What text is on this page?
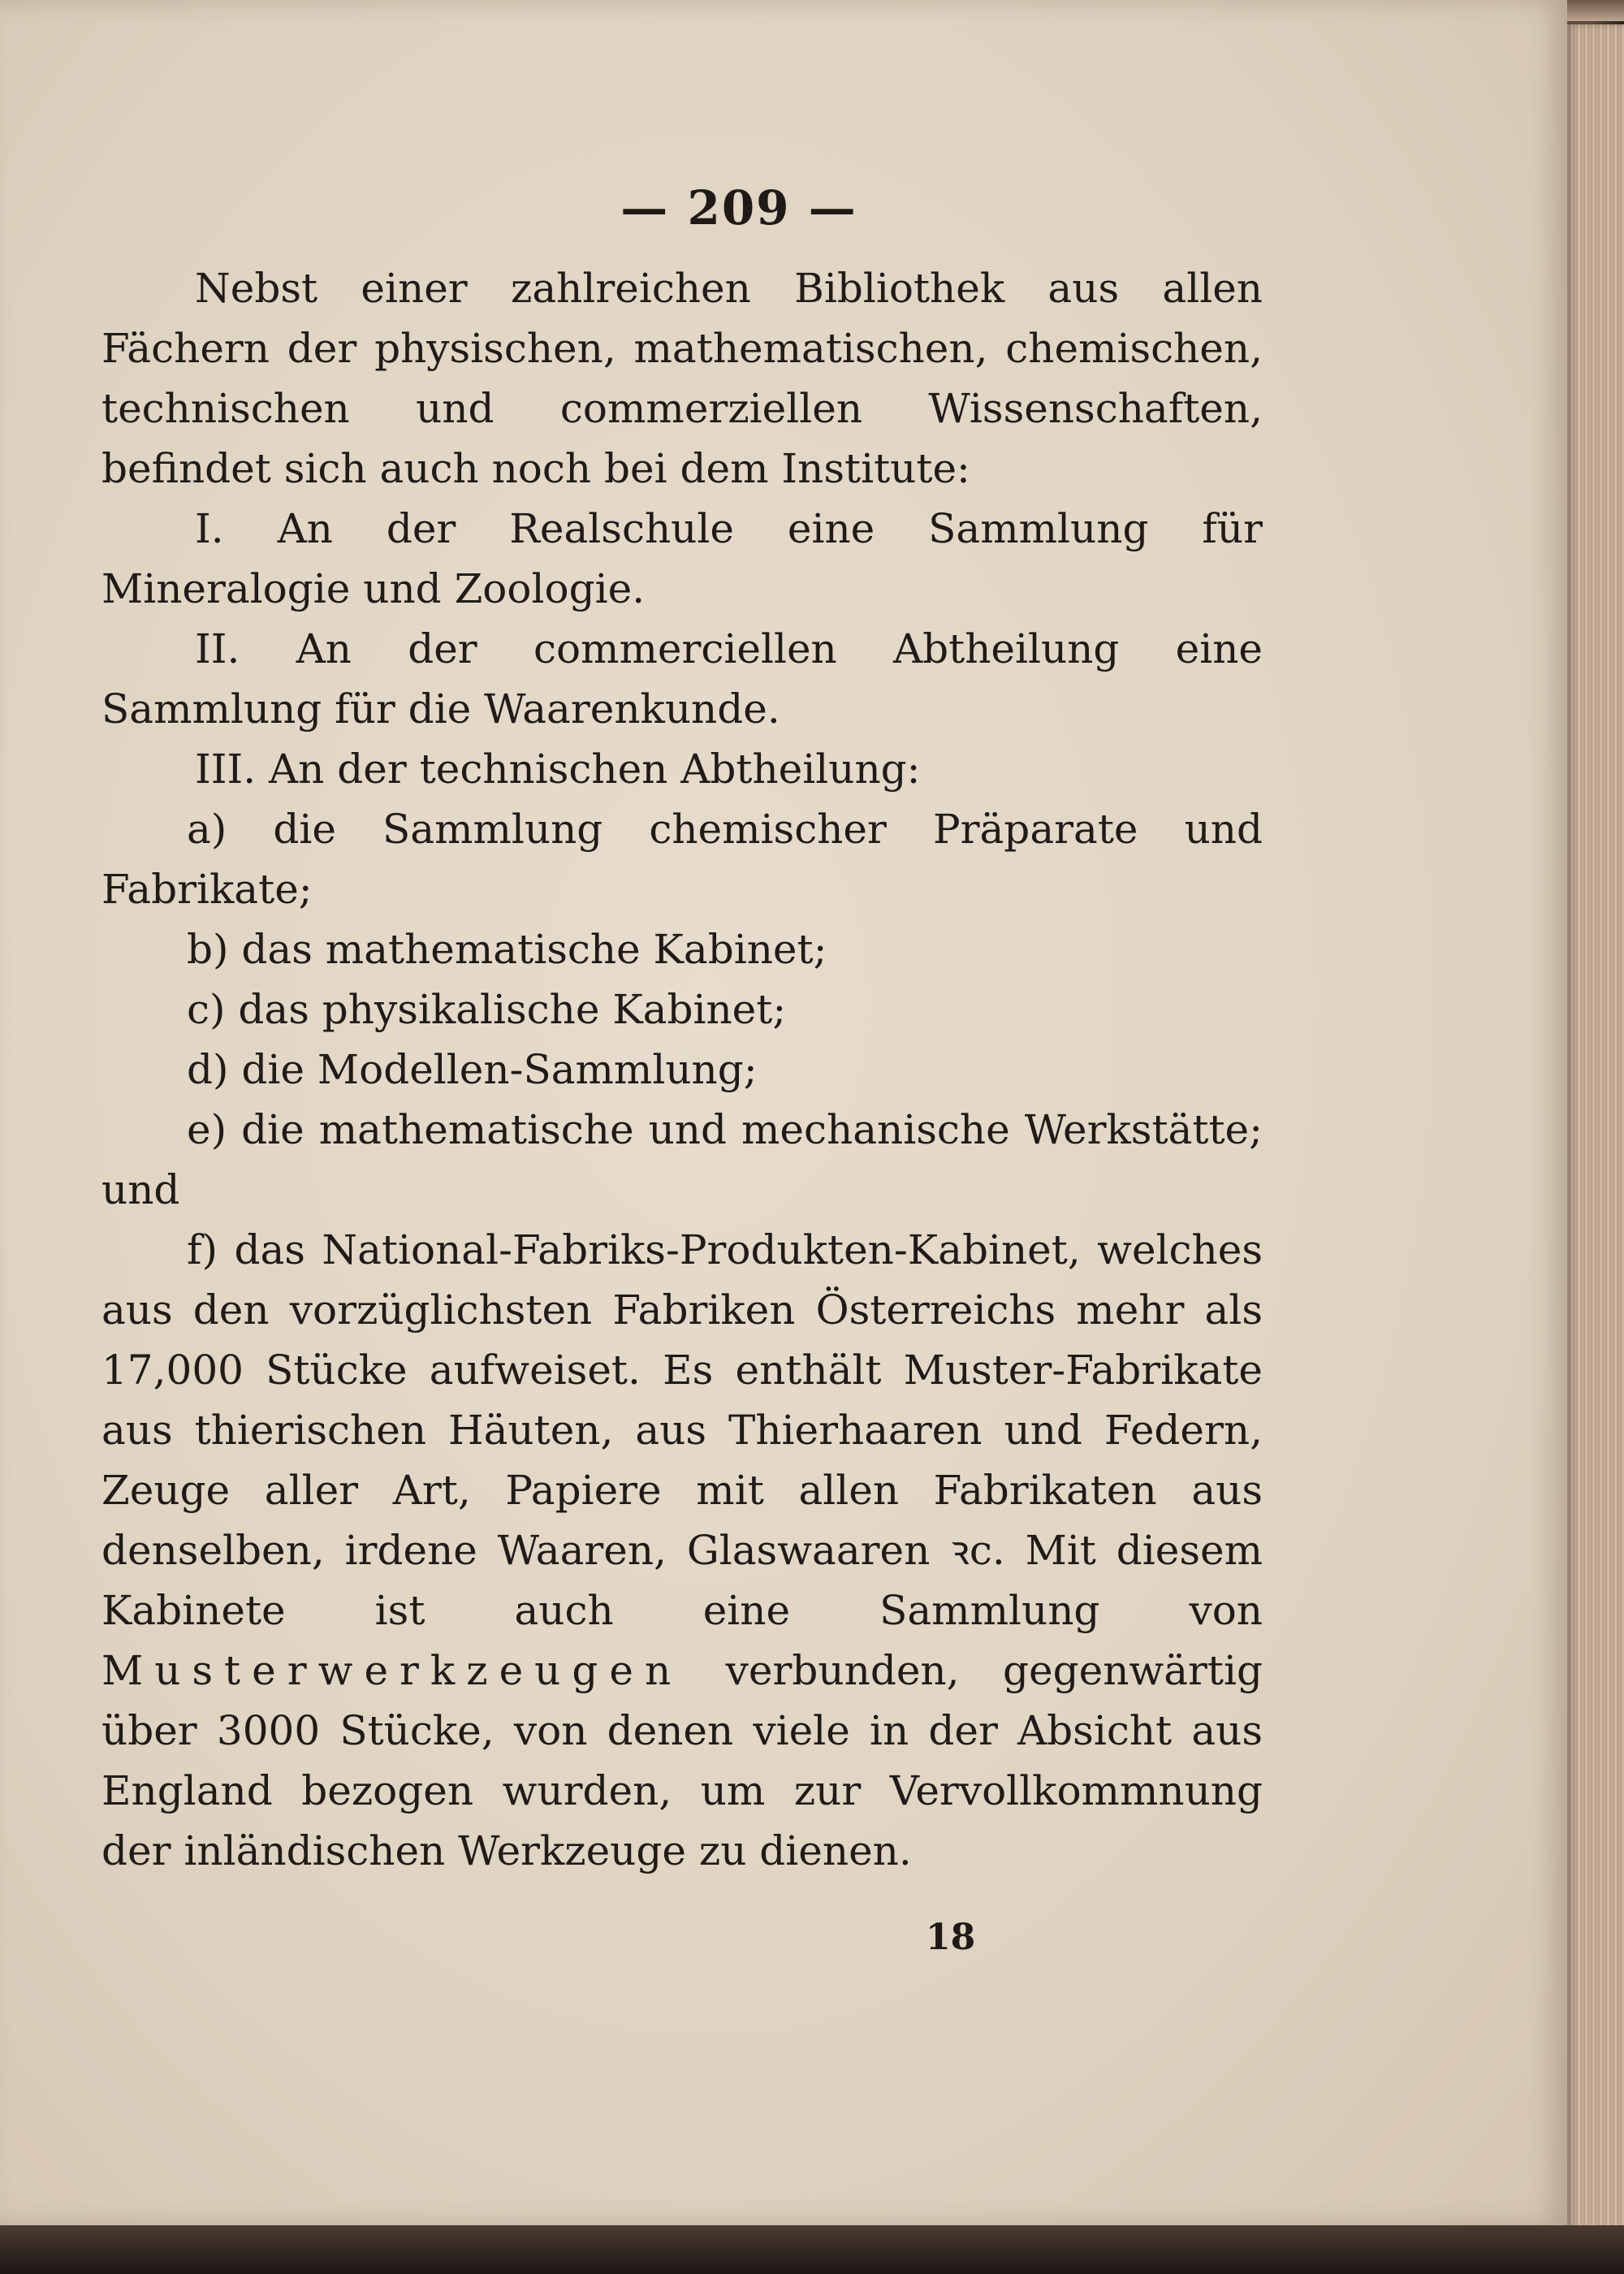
— 209 —

Nebst einer zahlreichen Bibliothek aus allen Fächern der physischen, mathematischen, chemischen, technischen und commerziellen Wissenschaften, befindet sich auch noch bei dem Institute:

I. An der Realschule eine Sammlung für Mineralogie und Zoologie.

II. An der commerciellen Abtheilung eine Sammlung für die Waarenkunde.

III. An der technischen Abtheilung:

a) die Sammlung chemischer Präparate und Fabrikate;

b) das mathematische Kabinet;

c) das physikalische Kabinet;

d) die Modellen-Sammlung;

e) die mathematische und mechanische Werkstätte; und

f) das National-Fabriks-Produkten-Kabinet, welches aus den vorzüglichsten Fabriken Österreichs mehr als 17,000 Stücke aufweiset. Es enthält Muster-Fabrikate aus thierischen Häuten, aus Thierhaaren und Federn, Zeuge aller Art, Papiere mit allen Fabrikaten aus denselben, irdene Waaren, Glaswaaren ꝛc. Mit diesem Kabinete ist auch eine Sammlung von Musterwerkzeugen verbunden, gegenwärtig über 3000 Stücke, von denen viele in der Absicht aus England bezogen wurden, um zur Vervollkommnung der inländischen Werkzeuge zu dienen.

18
